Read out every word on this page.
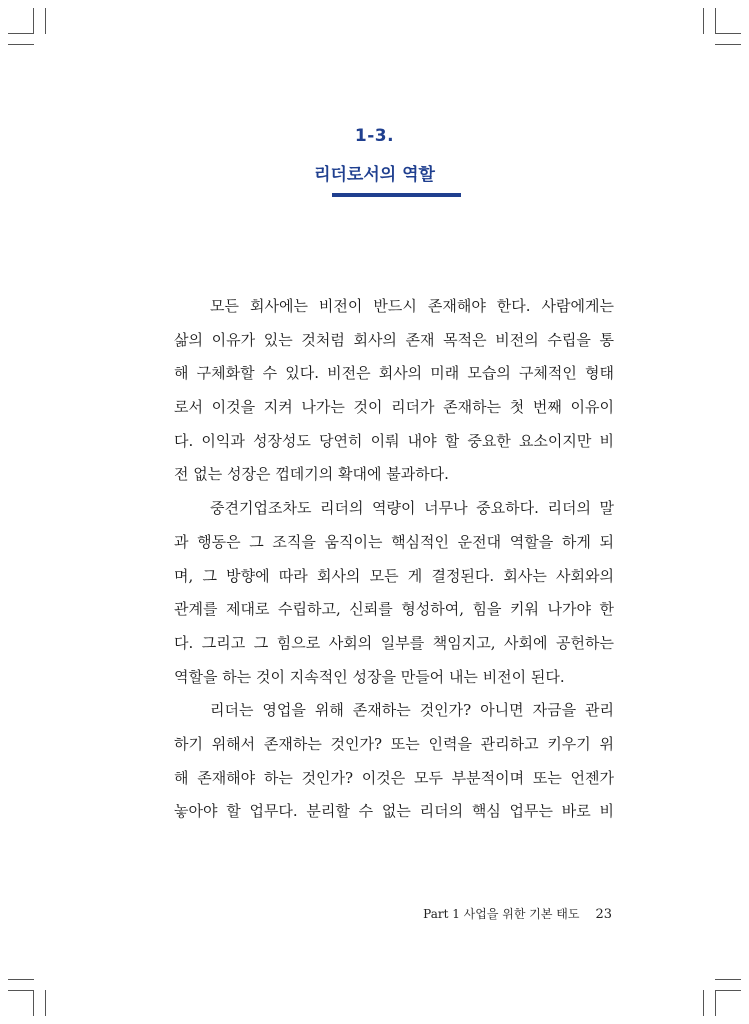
1-3.
리더로서의 역할
모든 회사에는 비전이 반드시 존재해야 한다. 사람에게는
삶의 이유가 있는 것처럼 회사의 존재 목적은 비전의 수립을 통
해 구체화할 수 있다. 비전은 회사의 미래 모습의 구체적인 형태
로서 이것을 지켜 나가는 것이 리더가 존재하는 첫 번째 이유이
다. 이익과 성장성도 당연히 이뤄 내야 할 중요한 요소이지만 비
전 없는 성장은 껍데기의 확대에 불과하다.
중견기업조차도 리더의 역량이 너무나 중요하다. 리더의 말
과 행동은 그 조직을 움직이는 핵심적인 운전대 역할을 하게 되
며, 그 방향에 따라 회사의 모든 게 결정된다. 회사는 사회와의
관계를 제대로 수립하고, 신뢰를 형성하여, 힘을 키워 나가야 한
다. 그리고 그 힘으로 사회의 일부를 책임지고, 사회에 공헌하는
역할을 하는 것이 지속적인 성장을 만들어 내는 비전이 된다.
리더는 영업을 위해 존재하는 것인가? 아니면 자금을 관리
하기 위해서 존재하는 것인가? 또는 인력을 관리하고 키우기 위
해 존재해야 하는 것인가? 이것은 모두 부분적이며 또는 언젠가
놓아야 할 업무다. 분리할 수 없는 리더의 핵심 업무는 바로 비
Part 1 사업을 위한 기본 태도 23
